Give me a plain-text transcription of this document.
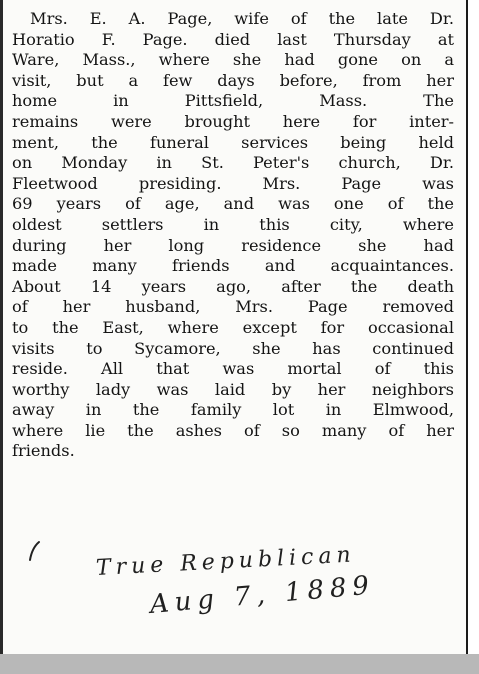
Mrs. E. A. Page, wife of the late Dr.
Horatio F. Page. died last Thursday at
Ware, Mass., where she had gone on a
visit, but a few days before, from her
home in Pittsfield, Mass. The
remains were brought here for inter-
ment, the funeral services being held
on Monday in St. Peter's church, Dr.
Fleetwood presiding. Mrs. Page was
69 years of age, and was one of the
oldest settlers in this city, where
during her long residence she had
made many friends and acquaintances.
About 14 years ago, after the death
of her husband, Mrs. Page removed
to the East, where except for occasional
visits to Sycamore, she has continued
reside. All that was mortal of this
worthy lady was laid by her neighbors
away in the family lot in Elmwood,
where lie the ashes of so many of her
friends.
True Republican
Aug 7, 1889
